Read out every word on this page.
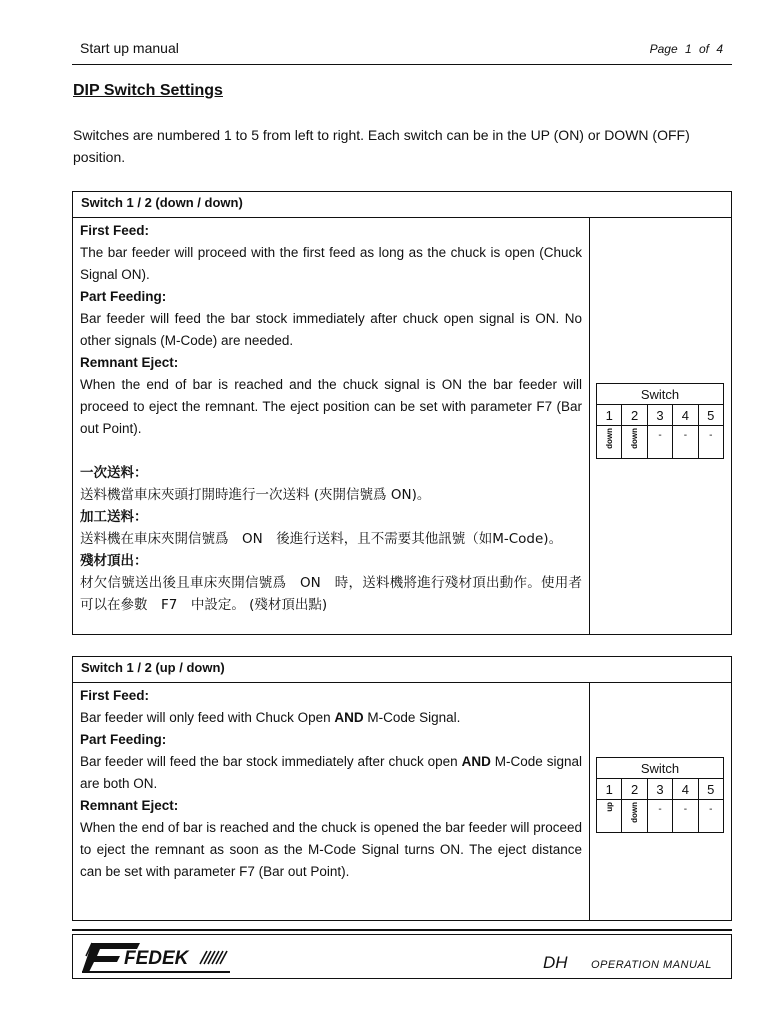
Start up manual	Page 1 of 4
DIP Switch Settings
Switches are numbered 1 to 5 from left to right. Each switch can be in the UP (ON) or DOWN (OFF) position.
Switch 1 / 2 (down / down)

First Feed:

The bar feeder will proceed with the first feed as long as the chuck is open (Chuck Signal ON).

Part Feeding:

Bar feeder will feed the bar stock immediately after chuck open signal is ON. No other signals (M-Code) are needed.

Remnant Eject:

When the end of bar is reached and the chuck signal is ON the bar feeder will proceed to eject the remnant. The eject position can be set with parameter F7 (Bar out Point).

一次送料：

送料機當車床夾頭打開時進行一次送料 (夾開信號爲 ON)。

加工送料：

送料機在車床夾開信號爲　ON　後進行送料，且不需要其他訊號（如M-Code)。

殘材頂出：

材欠信號送出後且車床夾開信號爲　ON　時，送料機將進行殘材頂出動作。使用者可以在參數　F7　中設定。 (殘材頂出點)

Switch				
1	2	3	4	5
down	down	-	-	-
Switch 1 / 2 (up / down)

First Feed:

Bar feeder will only feed with Chuck Open AND M-Code Signal.

Part Feeding:

Bar feeder will feed the bar stock immediately after chuck open AND M-Code signal are both ON.

Remnant Eject:

When the end of bar is reached and the chuck is opened the bar feeder will proceed to eject the remnant as soon as the M-Code Signal turns ON. The eject distance can be set with parameter F7 (Bar out Point).

Switch				
1	2	3	4	5
up	down	-	-	-
FEDEK	DH OPERATION MANUAL
